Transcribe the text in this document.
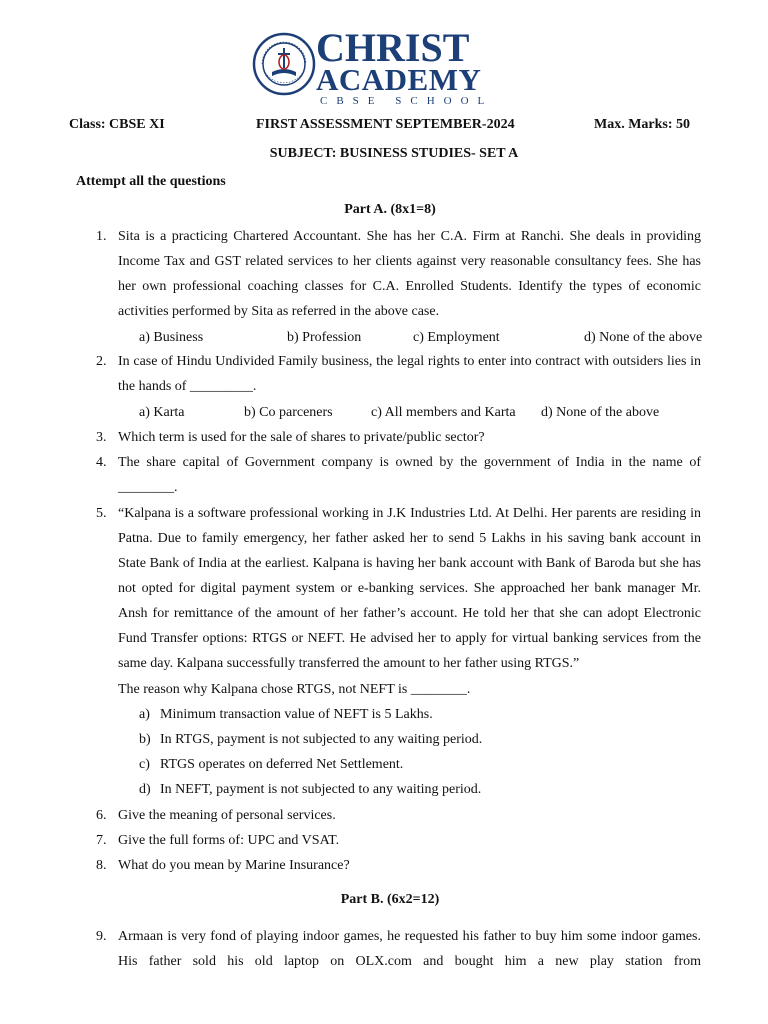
CHRIST
ACADEMY
CBSE SCHOOL
Class: CBSE XI	FIRST ASSESSMENT SEPTEMBER-2024	Max. Marks: 50
SUBJECT: BUSINESS STUDIES- SET A
Attempt all the questions
Part A. (8x1=8)
1. Sita is a practicing Chartered Accountant. She has her C.A. Firm at Ranchi. She deals in providing Income Tax and GST related services to her clients against very reasonable consultancy fees. She has her own professional coaching classes for C.A. Enrolled Students. Identify the types of economic activities performed by Sita as referred in the above case.
a) Business	b) Profession	c) Employment	d) None of the above
2. In case of Hindu Undivided Family business, the legal rights to enter into contract with outsiders lies in the hands of _________.
a) Karta	b) Co parceners	c) All members and Karta d) None of the above
3. Which term is used for the sale of shares to private/public sector?
4. The share capital of Government company is owned by the government of India in the name of ________.
5. “Kalpana is a software professional working in J.K Industries Ltd. At Delhi. Her parents are residing in Patna. Due to family emergency, her father asked her to send 5 Lakhs in his saving bank account in State Bank of India at the earliest. Kalpana is having her bank account with Bank of Baroda but she has not opted for digital payment system or e-banking services. She approached her bank manager Mr. Ansh for remittance of the amount of her father’s account. He told her that she can adopt Electronic Fund Transfer options: RTGS or NEFT. He advised her to apply for virtual banking services from the same day. Kalpana successfully transferred the amount to her father using RTGS.”
The reason why Kalpana chose RTGS, not NEFT is ________.
a) Minimum transaction value of NEFT is 5 Lakhs.
b) In RTGS, payment is not subjected to any waiting period.
c) RTGS operates on deferred Net Settlement.
d) In NEFT, payment is not subjected to any waiting period.
6. Give the meaning of personal services.
7. Give the full forms of: UPC and VSAT.
8. What do you mean by Marine Insurance?
Part B. (6x2=12)
9. Armaan is very fond of playing indoor games, he requested his father to buy him some indoor games. His father sold his old laptop on OLX.com and bought him a new play station from
